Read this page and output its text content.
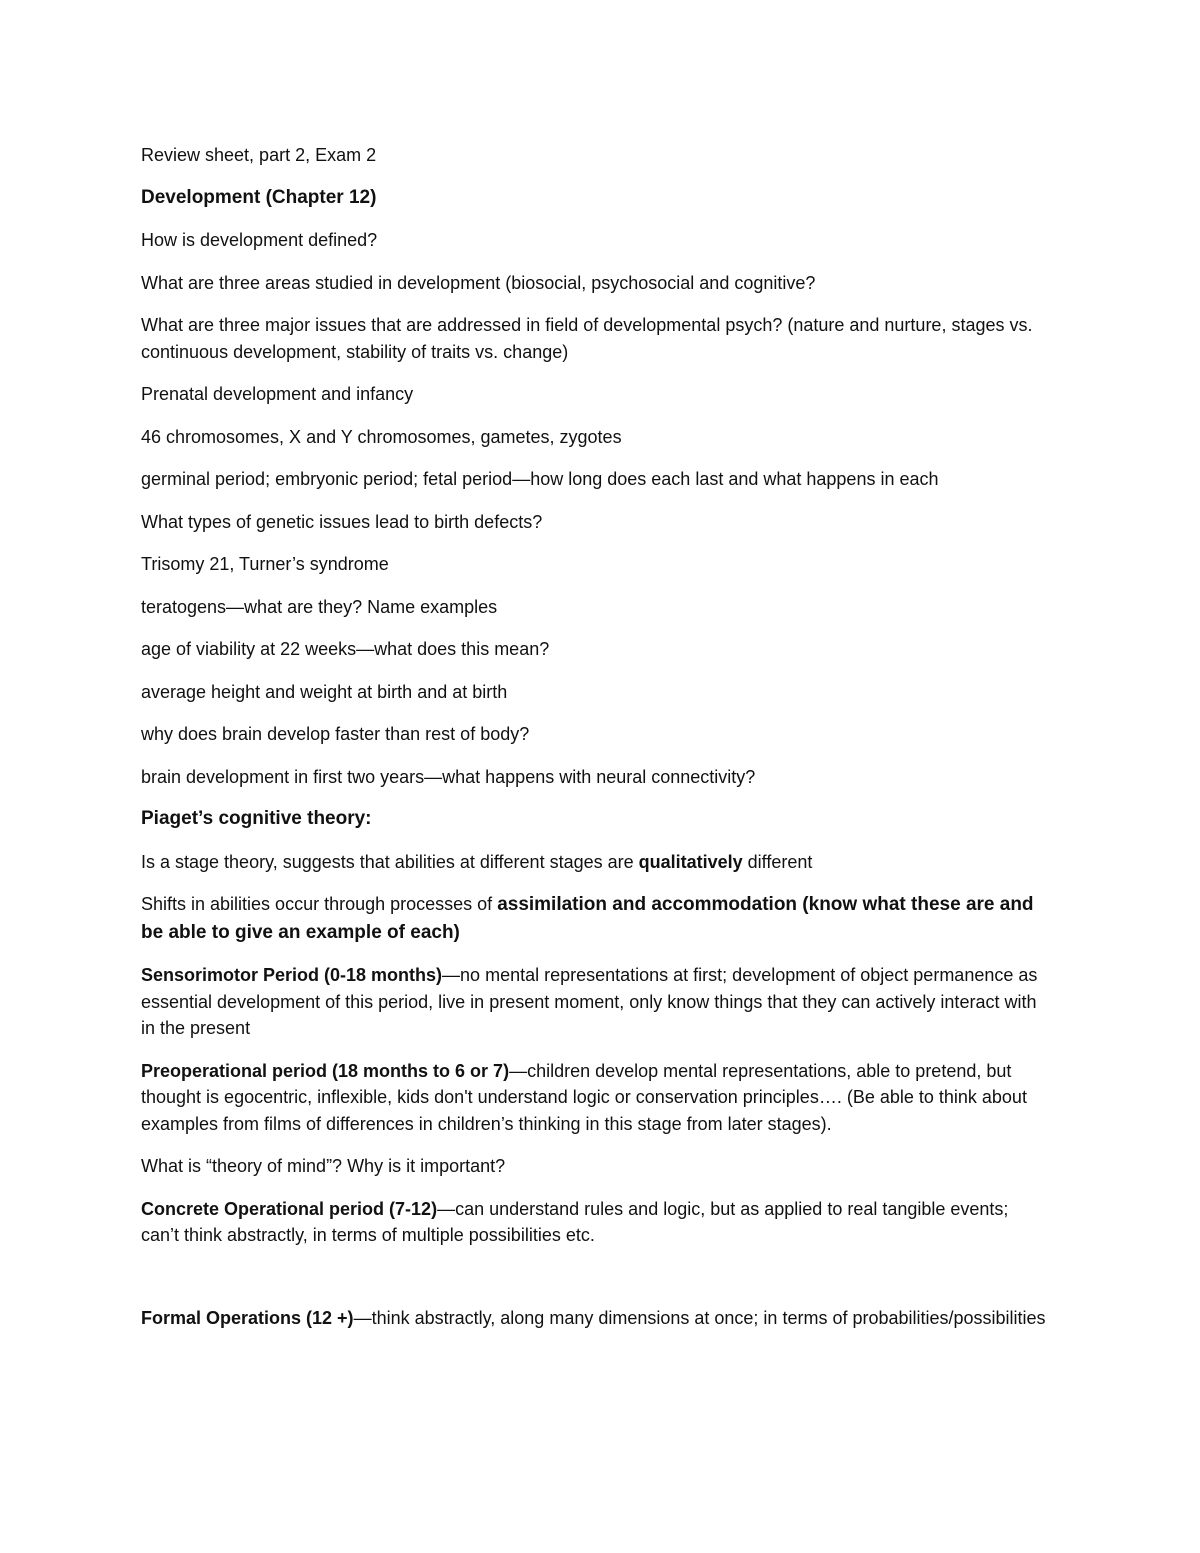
Review sheet, part 2, Exam 2

Development (Chapter 12)

How is development defined?

What are three areas studied in development (biosocial, psychosocial and cognitive?

What are three major issues that are addressed in field of developmental psych? (nature and nurture, stages vs. continuous development, stability of traits vs. change)

Prenatal development and infancy

46 chromosomes, X and Y chromosomes, gametes, zygotes

germinal period; embryonic period; fetal period—how long does each last and what happens in each

What types of genetic issues lead to birth defects?

Trisomy 21, Turner’s syndrome

teratogens—what are they? Name examples

age of viability at 22 weeks—what does this mean?

average height and weight at birth and at birth

why does brain develop faster than rest of body?

brain development in first two years—what happens with neural connectivity?

Piaget’s cognitive theory:

Is a stage theory, suggests that abilities at different stages are qualitatively different

Shifts in abilities occur through processes of assimilation and accommodation (know what these are and be able to give an example of each)

Sensorimotor Period (0-18 months)—no mental representations at first; development of object permanence as essential development of this period, live in present moment, only know things that they can actively interact with in the present

Preoperational period (18 months to 6 or 7)—children develop mental representations, able to pretend, but thought is egocentric, inflexible, kids don't understand logic or conservation principles…. (Be able to think about examples from films of differences in children’s thinking in this stage from later stages).

What is “theory of mind”? Why is it important?

Concrete Operational period (7-12)—can understand rules and logic, but as applied to real tangible events; can’t think abstractly, in terms of multiple possibilities etc.

Formal Operations (12 +)—think abstractly, along many dimensions at once; in terms of probabilities/possibilities
